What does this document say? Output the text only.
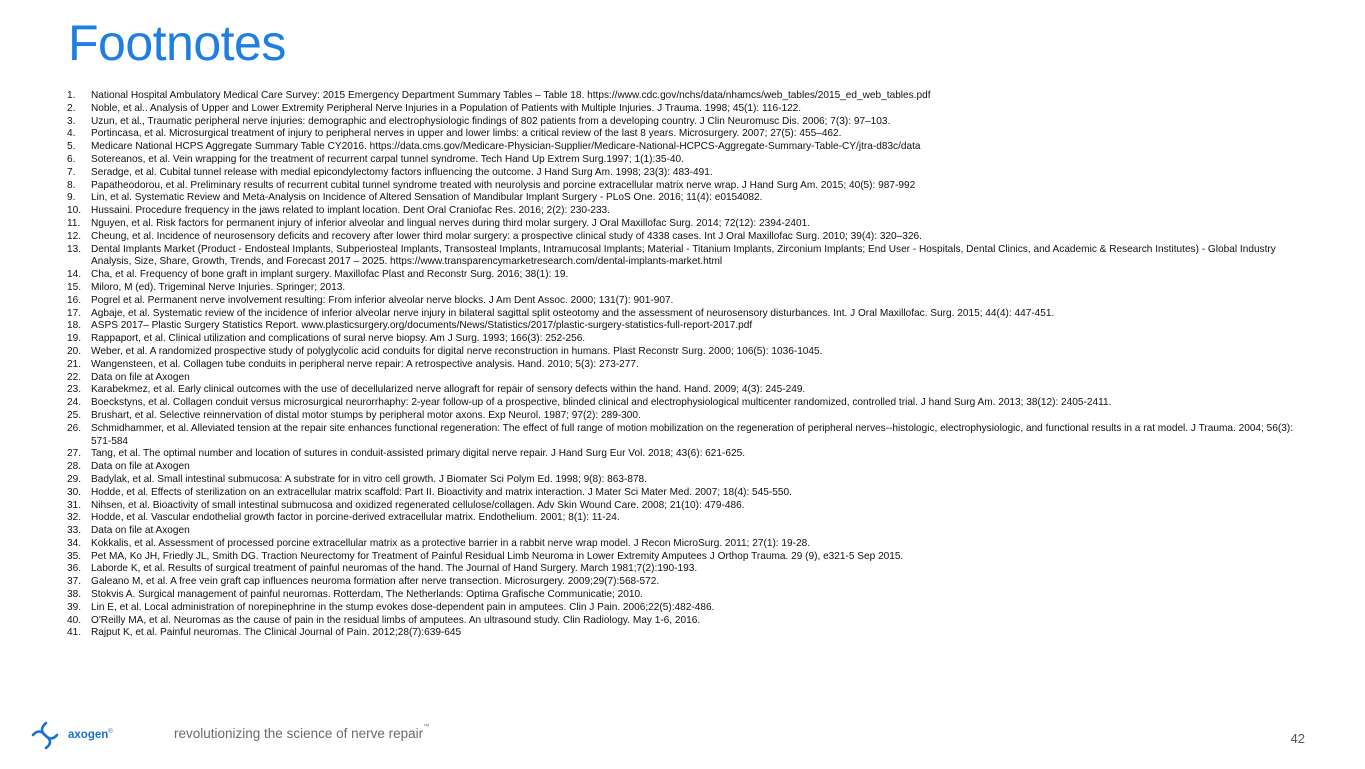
Footnotes
1. National Hospital Ambulatory Medical Care Survey: 2015 Emergency Department Summary Tables – Table 18. https://www.cdc.gov/nchs/data/nhamcs/web_tables/2015_ed_web_tables.pdf
2. Noble, et al.. Analysis of Upper and Lower Extremity Peripheral Nerve Injuries in a Population of Patients with Multiple Injuries. J Trauma. 1998; 45(1): 116-122.
3. Uzun, et al., Traumatic peripheral nerve injuries: demographic and electrophysiologic findings of 802 patients from a developing country. J Clin Neuromusc Dis. 2006; 7(3): 97–103.
4. Portincasa, et al. Microsurgical treatment of injury to peripheral nerves in upper and lower limbs: a critical review of the last 8 years. Microsurgery. 2007; 27(5): 455–462.
5. Medicare National HCPS Aggregate Summary Table CY2016. https://data.cms.gov/Medicare-Physician-Supplier/Medicare-National-HCPCS-Aggregate-Summary-Table-CY/jtra-d83c/data
6. Sotereanos, et al. Vein wrapping for the treatment of recurrent carpal tunnel syndrome. Tech Hand Up Extrem Surg.1997; 1(1):35-40.
7. Seradge, et al. Cubital tunnel release with medial epicondylectomy factors influencing the outcome. J Hand Surg Am. 1998; 23(3): 483-491.
8. Papatheodorou, et al. Preliminary results of recurrent cubital tunnel syndrome treated with neurolysis and porcine extracellular matrix nerve wrap. J Hand Surg Am. 2015; 40(5): 987-992
9. Lin, et al. Systematic Review and Meta-Analysis on Incidence of Altered Sensation of Mandibular Implant Surgery - PLoS One. 2016; 11(4): e0154082.
10. Hussaini. Procedure frequency in the jaws related to implant location. Dent Oral Craniofac Res. 2016; 2(2): 230-233.
11. Nguyen, et al. Risk factors for permanent injury of inferior alveolar and lingual nerves during third molar surgery. J Oral Maxillofac Surg. 2014; 72(12): 2394-2401.
12. Cheung, et al. Incidence of neurosensory deficits and recovery after lower third molar surgery: a prospective clinical study of 4338 cases. Int J Oral Maxillofac Surg. 2010; 39(4): 320–326.
13. Dental Implants Market (Product - Endosteal Implants, Subperiosteal Implants, Transosteal Implants, Intramucosal Implants; Material - Titanium Implants, Zirconium Implants; End User - Hospitals, Dental Clinics, and Academic & Research Institutes) - Global Industry Analysis, Size, Share, Growth, Trends, and Forecast 2017 – 2025. https://www.transparencymarketresearch.com/dental-implants-market.html
14. Cha, et al. Frequency of bone graft in implant surgery. Maxillofac Plast and Reconstr Surg. 2016; 38(1): 19.
15. Miloro, M (ed). Trigeminal Nerve Injuries. Springer; 2013.
16. Pogrel et al. Permanent nerve involvement resulting: From inferior alveolar nerve blocks. J Am Dent Assoc. 2000; 131(7): 901-907.
17. Agbaje, et al. Systematic review of the incidence of inferior alveolar nerve injury in bilateral sagittal split osteotomy and the assessment of neurosensory disturbances. Int. J Oral Maxillofac. Surg. 2015; 44(4): 447-451.
18. ASPS 2017– Plastic Surgery Statistics Report. www.plasticsurgery.org/documents/News/Statistics/2017/plastic-surgery-statistics-full-report-2017.pdf
19. Rappaport, et al. Clinical utilization and complications of sural nerve biopsy. Am J Surg. 1993; 166(3): 252-256.
20. Weber, et al. A randomized prospective study of polyglycolic acid conduits for digital nerve reconstruction in humans. Plast Reconstr Surg. 2000; 106(5): 1036-1045.
21. Wangensteen, et al. Collagen tube conduits in peripheral nerve repair: A retrospective analysis. Hand. 2010; 5(3): 273-277.
22. Data on file at Axogen
23. Karabekmez, et al. Early clinical outcomes with the use of decellularized nerve allograft for repair of sensory defects within the hand. Hand. 2009; 4(3): 245-249.
24. Boeckstyns, et al. Collagen conduit versus microsurgical neurorrhaphy: 2-year follow-up of a prospective, blinded clinical and electrophysiological multicenter randomized, controlled trial. J hand Surg Am. 2013; 38(12): 2405-2411.
25. Brushart, et al. Selective reinnervation of distal motor stumps by peripheral motor axons. Exp Neurol. 1987; 97(2): 289-300.
26. Schmidhammer, et al. Alleviated tension at the repair site enhances functional regeneration: The effect of full range of motion mobilization on the regeneration of peripheral nerves--histologic, electrophysiologic, and functional results in a rat model. J Trauma. 2004; 56(3): 571-584
27. Tang, et al. The optimal number and location of sutures in conduit-assisted primary digital nerve repair. J Hand Surg Eur Vol. 2018; 43(6): 621-625.
28. Data on file at Axogen
29. Badylak, et al. Small intestinal submucosa: A substrate for in vitro cell growth. J Biomater Sci Polym Ed. 1998; 9(8): 863-878.
30. Hodde, et al. Effects of sterilization on an extracellular matrix scaffold: Part II. Bioactivity and matrix interaction. J Mater Sci Mater Med. 2007; 18(4): 545-550.
31. Nihsen, et al. Bioactivity of small intestinal submucosa and oxidized regenerated cellulose/collagen. Adv Skin Wound Care. 2008; 21(10): 479-486.
32. Hodde, et al. Vascular endothelial growth factor in porcine-derived extracellular matrix. Endothelium. 2001; 8(1): 11-24.
33. Data on file at Axogen
34. Kokkalis, et al. Assessment of processed porcine extracellular matrix as a protective barrier in a rabbit nerve wrap model. J Recon MicroSurg. 2011; 27(1): 19-28.
35. Pet MA, Ko JH, Friedly JL, Smith DG. Traction Neurectomy for Treatment of Painful Residual Limb Neuroma in Lower Extremity Amputees J Orthop Trauma. 29 (9), e321-5 Sep 2015.
36. Laborde K, et al. Results of surgical treatment of painful neuromas of the hand. The Journal of Hand Surgery. March 1981;7(2):190-193.
37. Galeano M, et al. A free vein graft cap influences neuroma formation after nerve transection. Microsurgery. 2009;29(7):568-572.
38. Stokvis A. Surgical management of painful neuromas. Rotterdam, The Netherlands: Optima Grafische Communicatie; 2010.
39. Lin E, et al. Local administration of norepinephrine in the stump evokes dose-dependent pain in amputees. Clin J Pain. 2006;22(5):482-486.
40. O'Reilly MA, et al. Neuromas as the cause of pain in the residual limbs of amputees. An ultrasound study. Clin Radiology. May 1-6, 2016.
41. Rajput K, et al. Painful neuromas. The Clinical Journal of Pain. 2012;28(7):639-645
axogen®	revolutionizing the science of nerve repair™
42
